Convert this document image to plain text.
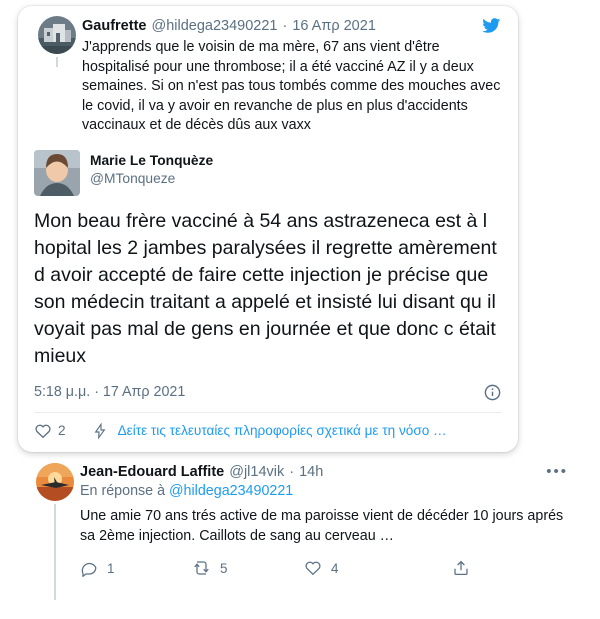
Gaufrette @hildega23490221 · 16 Απρ 2021
J'apprends que le voisin de ma mère, 67 ans vient d'être hospitalisé pour une thrombose; il a été vacciné AZ il y a deux semaines. Si on n'est pas tous tombés comme des mouches avec le covid, il va y avoir en revanche de plus en plus d'accidents vaccinaux et de décès dûs aux vaxx
Marie Le Tonquèze
@MTonqueze
Mon beau frère vacciné à 54 ans astrazeneca est à l hopital les 2 jambes paralysées il regrette amèrement d avoir accepté de faire cette injection je précise que son médecin traitant a appelé et insisté lui disant qu il voyait pas mal de gens en journée et que donc c était mieux
5:18 μ.μ. · 17 Απρ 2021
2	Δείτε τις τελευταίες πληροφορίες σχετικά με τη νόσο …
Jean-Edouard Laffite @jl14vik · 14h	•••
En réponse à @hildega23490221
Une amie 70 ans trés active de ma paroisse vient de décéder 10 jours aprés sa 2ème injection. Caillots de sang au cerveau …
1	5	4
